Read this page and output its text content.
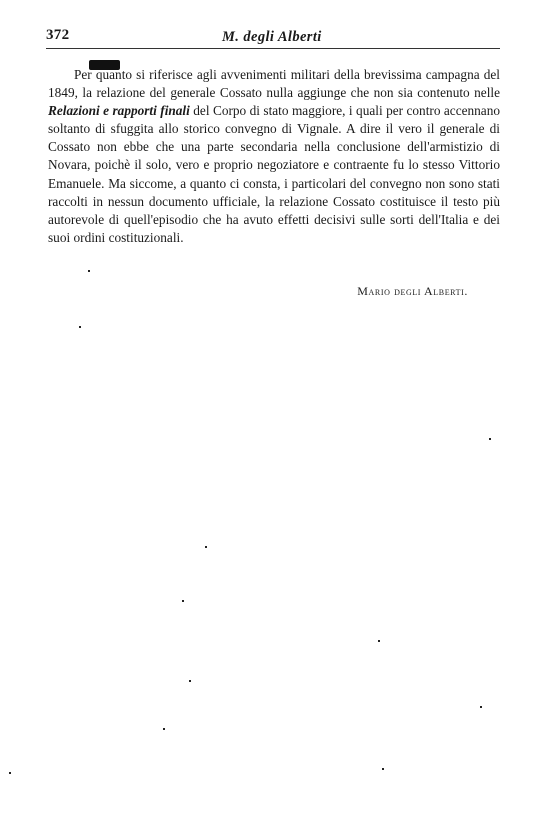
372	M. degli Alberti

Per quanto si riferisce agli avvenimenti militari della brevissima campagna del 1849, la relazione del generale Cossato nulla aggiunge che non sia contenuto nelle Relazioni e rapporti finali del Corpo di stato maggiore, i quali per contro accennano soltanto di sfuggita allo storico convegno di Vignale. A dire il vero il generale di Cossato non ebbe che una parte secondaria nella conclusione dell'armistizio di Novara, poichè il solo, vero e proprio negoziatore e contraente fu lo stesso Vittorio Emanuele. Ma siccome, a quanto ci consta, i particolari del convegno non sono stati raccolti in nessun documento ufficiale, la relazione Cossato costituisce il testo più autorevole di quell'episodio che ha avuto effetti decisivi sulle sorti dell'Italia e dei suoi ordini costituzionali.

Mario degli Alberti.
